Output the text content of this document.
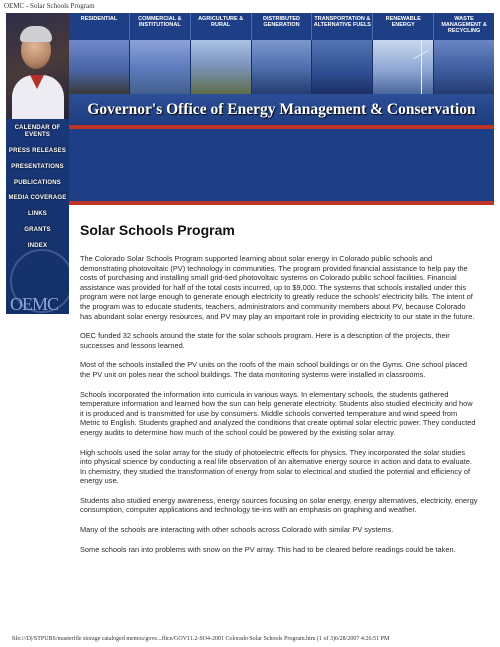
OEMC - Solar Schools Program
CALENDAR OF EVENTS
PRESS RELEASES
PRESENTATIONS
PUBLICATIONS
MEDIA COVERAGE
LINKS
GRANTS
INDEX
OEMC
RESIDENTIAL	COMMERCIAL & INSTITUTIONAL
AGRICULTURE & RURAL
DISTRIBUTED GENERATION
TRANSPORTATION & ALTERNATIVE FUELS
RENEWABLE ENERGY
WASTE MANAGEMENT & RECYCLING
Governor's Office of Energy Management & Conservation
Solar Schools Program

The Colorado Solar Schools Program supported learning about solar energy in Colorado public schools and demonstrating photovoltaic (PV) technology in communities. The program provided financial assistance to help pay the costs of purchasing and installing small grid-tied photovoltaic systems on Colorado public school facilities. Financial assistance was provided for half of the total costs incurred, up to $9,000. The systems that schools installed under this program were not large enough to generate enough electricity to greatly reduce the schools' electricity bills. The intent of the program was to educate students, teachers, administrators and community members about PV, because Colorado has abundant solar energy resources, and PV may play an important role in providing electricity to our state in the future.

OEC funded 32 schools around the state for the solar schools program. Here is a description of the projects, their successes and lessons learned.

Most of the schools installed the PV units on the roofs of the main school buildings or on the Gyms. One school placed the PV unit on poles near the school buildings. The data monitoring systems were installed in classrooms.

Schools incorporated the information into curricula in various ways. In elementary schools, the students gathered temperature information and learned how the sun can help generate electricity. Students also studied electricity and how it is produced and is transmitted for use by consumers. Middle schools converted temperature and wind speed from Metric to English. Students graphed and analyzed the conditions that create optimal solar electric power. They conducted energy audits to determine how much of the school could be powered by the existing solar array.

High schools used the solar array for the study of photoelectric effects for physics. They incorporated the solar studies into physical science by conducting a real life observation of an alternative energy source in action and data to evaluate. In chemistry, they studied the transformation of energy from solar to electrical and studied the potential and efficiency of energy use.

Students also studied energy awareness, energy sources focusing on solar energy, energy alternatives, electricity, energy consumption, computer applications and technology tie-ins with an emphasis on graphing and weather.

Many of the schools are interacting with other schools across Colorado with similar PV systems.

Some schools ran into problems with snow on the PV array. This had to be cleared before readings could be taken.

file:///D|/STPUBS/masterfile storage cataloged memos/gove...ffice/GOV11.2-SO4-2001 Colorado Solar Schools Program.htm (1 of 3)6/28/2007 4:26:51 PM
